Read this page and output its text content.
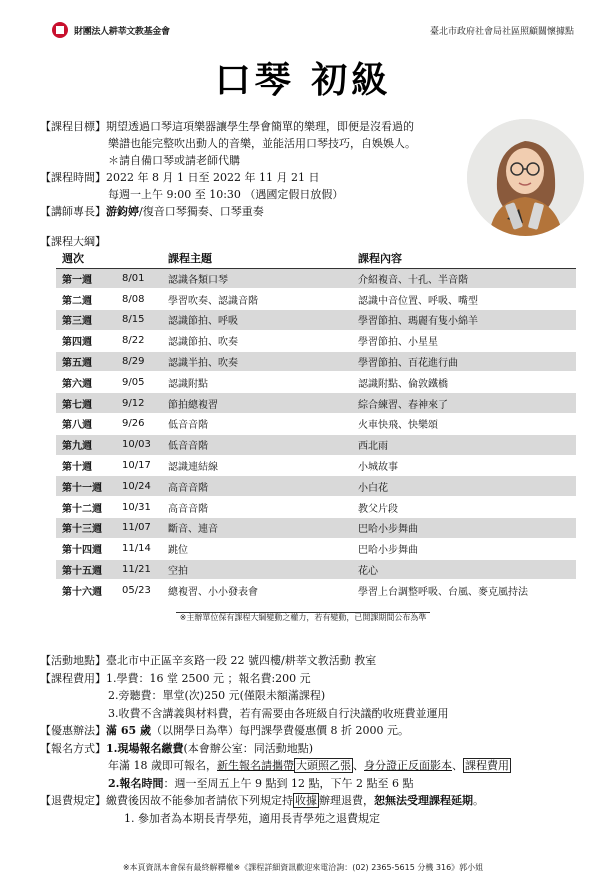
財團法人耕莘文教基金會	臺北市政府社會局社區照顧關懷據點
口琴 初級
【課程目標】 期望透過口琴這項樂器讓學生學會簡單的樂理，即便是沒看過的
樂譜也能完整吹出動人的音樂，並能活用口琴技巧，自娛娛人。
＊請自備口琴或請老師代購
【課程時間】 2022 年 8 月 1 日至 2022 年 11 月 21 日
每週一上午 9:00 至 10:30 （遇國定假日放假）
【講師專長】 游鈞婷/復音口琴獨奏、口琴重奏
【課程大綱】
週次		課程主題	課程內容
第一週	8/01	認識各類口琴	介紹複音、十孔、半音階
第二週	8/08	學習吹奏、認識音階	認識中音位置、呼吸、嘴型
第三週	8/15	認識節拍、呼吸	學習節拍、瑪麗有隻小綿羊
第四週	8/22	認識節拍、吹奏	學習節拍、小星星
第五週	8/29	認識半拍、吹奏	學習節拍、百花進行曲
第六週	9/05	認識附點	認識附點、倫敦鐵橋
第七週	9/12	節拍總複習	綜合練習、春神來了
第八週	9/26	低音音階	火車快飛、快樂頌
第九週	10/03	低音音階	西北雨
第十週	10/17	認識連結線	小城故事
第十一週	10/24	高音音階	小白花
第十二週	10/31	高音音階	教父片段
第十三週	11/07	斷音、連音	巴哈小步舞曲
第十四週	11/14	跳位	巴哈小步舞曲
第十五週	11/21	空拍	花心
第十六週	05/23	總複習、小小發表會	學習上台調整呼吸、台風、麥克風持法
※主辦單位保有課程大綱變動之權力，若有變動，已開課期間公布為準
【活動地點】 臺北市中正區辛亥路一段 22 號四樓/耕莘文教活動 教室
【課程費用】 1.學費：16 堂 2500 元 ；報名費:200 元
2.旁聽費：單堂(次)250 元(僅限未額滿課程)
3.收費不含講義與材料費，若有需要由各班級自行決議酌收班費並運用
【優惠辦法】 滿 65 歲（以開學日為準）每門課學費優惠價 8 折 2000 元。
【報名方式】 1.現場報名繳費(本會辦公室：同活動地點)
年滿 18 歲即可報名，新生報名請攜帶 大頭照乙張 、身分證正反面影本、 課程費用
2.報名時間：週一至周五上午 9 點到 12 點，下午 2 點至 6 點
【退費規定】 繳費後因故不能參加者請依下列規定持 收據 辦理退費，恕無法受理課程延期。
1. 參加者為本期長青學苑，適用長青學苑之退費規定
※本頁資訊本會保有最終解釋權※《課程詳細資訊歡迎來電洽詢：(02) 2365-5615 分機 316》郭小姐
